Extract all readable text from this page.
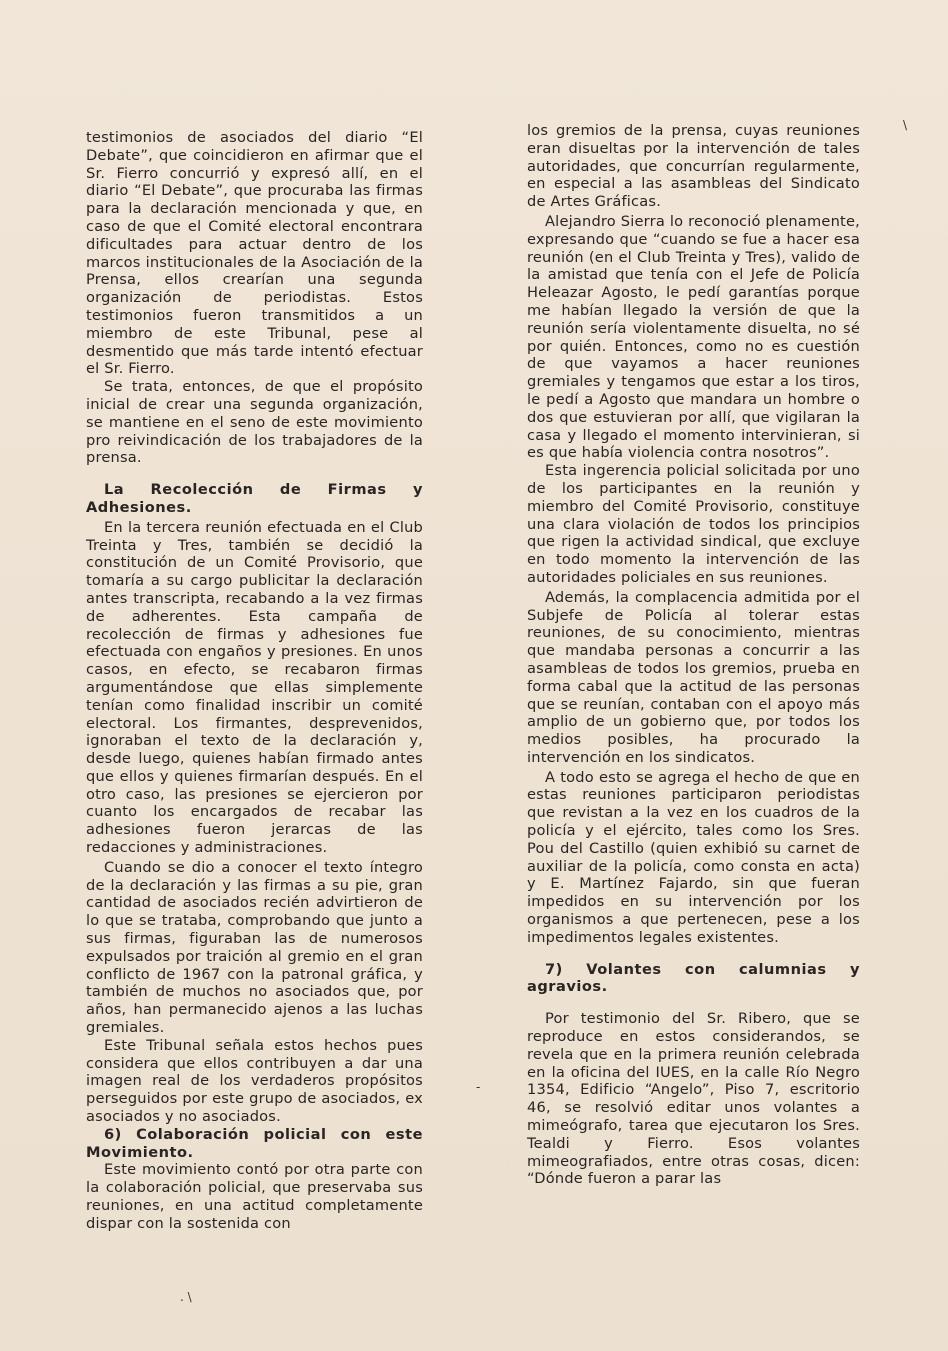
testimonios de asociados del diario “El Debate”, que coincidieron en afirmar que el Sr. Fierro concurrió y expresó allí, en el diario “El Debate”, que procuraba las firmas para la declaración mencionada y que, en caso de que el Comité electoral encontrara dificultades para actuar dentro de los marcos institucionales de la Asociación de la Prensa, ellos crearían una segunda organización de periodistas. Estos testimonios fueron transmitidos a un miembro de este Tribunal, pese al desmentido que más tarde intentó efectuar el Sr. Fierro.

Se trata, entonces, de que el propósito inicial de crear una segunda organización, se mantiene en el seno de este movimiento pro reivindicación de los trabajadores de la prensa.

La Recolección de Firmas y Adhesiones.

En la tercera reunión efectuada en el Club Treinta y Tres, también se decidió la constitución de un Comité Provisorio, que tomaría a su cargo publicitar la declaración antes transcripta, recabando a la vez firmas de adherentes. Esta campaña de recolección de firmas y adhesiones fue efectuada con engaños y presiones. En unos casos, en efecto, se recabaron firmas argumentándose que ellas simplemente tenían como finalidad inscribir un comité electoral. Los firmantes, desprevenidos, ignoraban el texto de la declaración y, desde luego, quienes habían firmado antes que ellos y quienes firmarían después. En el otro caso, las presiones se ejercieron por cuanto los encargados de recabar las adhesiones fueron jerarcas de las redacciones y administraciones.

Cuando se dio a conocer el texto íntegro de la declaración y las firmas a su pie, gran cantidad de asociados recién advirtieron de lo que se trataba, comprobando que junto a sus firmas, figuraban las de numerosos expulsados por traición al gremio en el gran conflicto de 1967 con la patronal gráfica, y también de muchos no asociados que, por años, han permanecido ajenos a las luchas gremiales.

Este Tribunal señala estos hechos pues considera que ellos contribuyen a dar una imagen real de los verdaderos propósitos perseguidos por este grupo de asociados, ex asociados y no asociados.

6) Colaboración policial con este Movimiento.

Este movimiento contó por otra parte con la colaboración policial, que preservaba sus reuniones, en una actitud completamente dispar con la sostenida con

los gremios de la prensa, cuyas reuniones eran disueltas por la intervención de tales autoridades, que concurrían regularmente, en especial a las asambleas del Sindicato de Artes Gráficas.

Alejandro Sierra lo reconoció plenamente, expresando que “cuando se fue a hacer esa reunión (en el Club Treinta y Tres), valido de la amistad que tenía con el Jefe de Policía Heleazar Agosto, le pedí garantías porque me habían llegado la versión de que la reunión sería violentamente disuelta, no sé por quién. Entonces, como no es cuestión de que vayamos a hacer reuniones gremiales y tengamos que estar a los tiros, le pedí a Agosto que mandara un hombre o dos que estuvieran por allí, que vigilaran la casa y llegado el momento intervinieran, si es que había violencia contra nosotros”.

Esta ingerencia policial solicitada por uno de los participantes en la reunión y miembro del Comité Provisorio, constituye una clara violación de todos los principios que rigen la actividad sindical, que excluye en todo momento la intervención de las autoridades policiales en sus reuniones.

Además, la complacencia admitida por el Subjefe de Policía al tolerar estas reuniones, de su conocimiento, mientras que mandaba personas a concurrir a las asambleas de todos los gremios, prueba en forma cabal que la actitud de las personas que se reunían, contaban con el apoyo más amplio de un gobierno que, por todos los medios posibles, ha procurado la intervención en los sindicatos.

A todo esto se agrega el hecho de que en estas reuniones participaron periodistas que revistan a la vez en los cuadros de la policía y el ejército, tales como los Sres. Pou del Castillo (quien exhibió su carnet de auxiliar de la policía, como consta en acta) y E. Martínez Fajardo, sin que fueran impedidos en su intervención por los organismos a que pertenecen, pese a los impedimentos legales existentes.

7) Volantes con calumnias y agravios.

Por testimonio del Sr. Ribero, que se reproduce en estos considerandos, se revela que en la primera reunión celebrada en la oficina del IUES, en la calle Río Negro 1354, Edificio “Angelo”, Piso 7, escritorio 46, se resolvió editar unos volantes a mimeógrafo, tarea que ejecutaron los Sres. Tealdi y Fierro. Esos volantes mimeografiados, entre otras cosas, dicen: “Dónde fueron a parar las

\
-
. \
